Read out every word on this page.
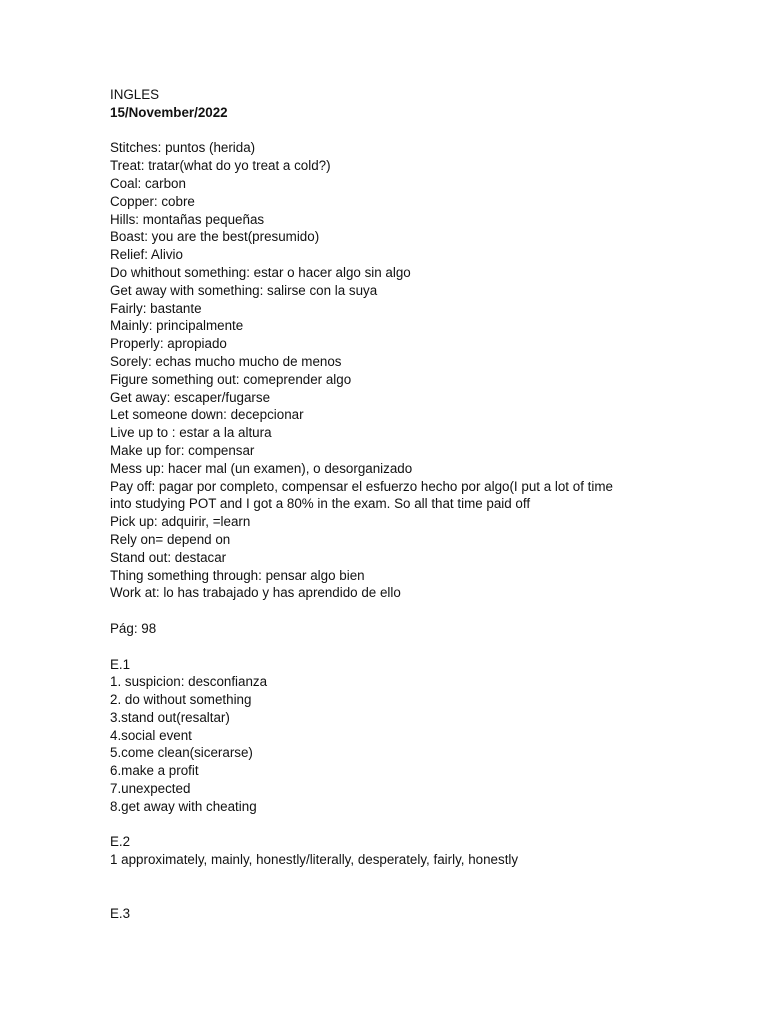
INGLES
15/November/2022
Stitches: puntos (herida)
Treat: tratar(what do yo treat a cold?)
Coal: carbon
Copper: cobre
Hills: montañas pequeñas
Boast: you are the best(presumido)
Relief: Alivio
Do whithout something: estar o hacer algo sin algo
Get away with something: salirse con la suya
Fairly: bastante
Mainly: principalmente
Properly: apropiado
Sorely: echas mucho mucho de menos
Figure something out: comeprender algo
Get away: escaper/fugarse
Let someone down: decepcionar
Live up to : estar a la altura
Make up for: compensar
Mess up: hacer mal (un examen), o desorganizado
Pay off: pagar por completo, compensar el esfuerzo hecho por algo(I put a lot of time
into studying POT and I got a 80% in the exam. So all that time paid off
Pick up: adquirir, =learn
Rely on= depend on
Stand out: destacar
Thing something through: pensar algo bien
Work at: lo has trabajado y has aprendido de ello
Pág: 98
E.1
1. suspicion: desconfianza
2. do without something
3.stand out(resaltar)
4.social event
5.come clean(sicerarse)
6.make a profit
7.unexpected
8.get away with cheating
E.2
1 approximately, mainly, honestly/literally, desperately, fairly, honestly
E.3
